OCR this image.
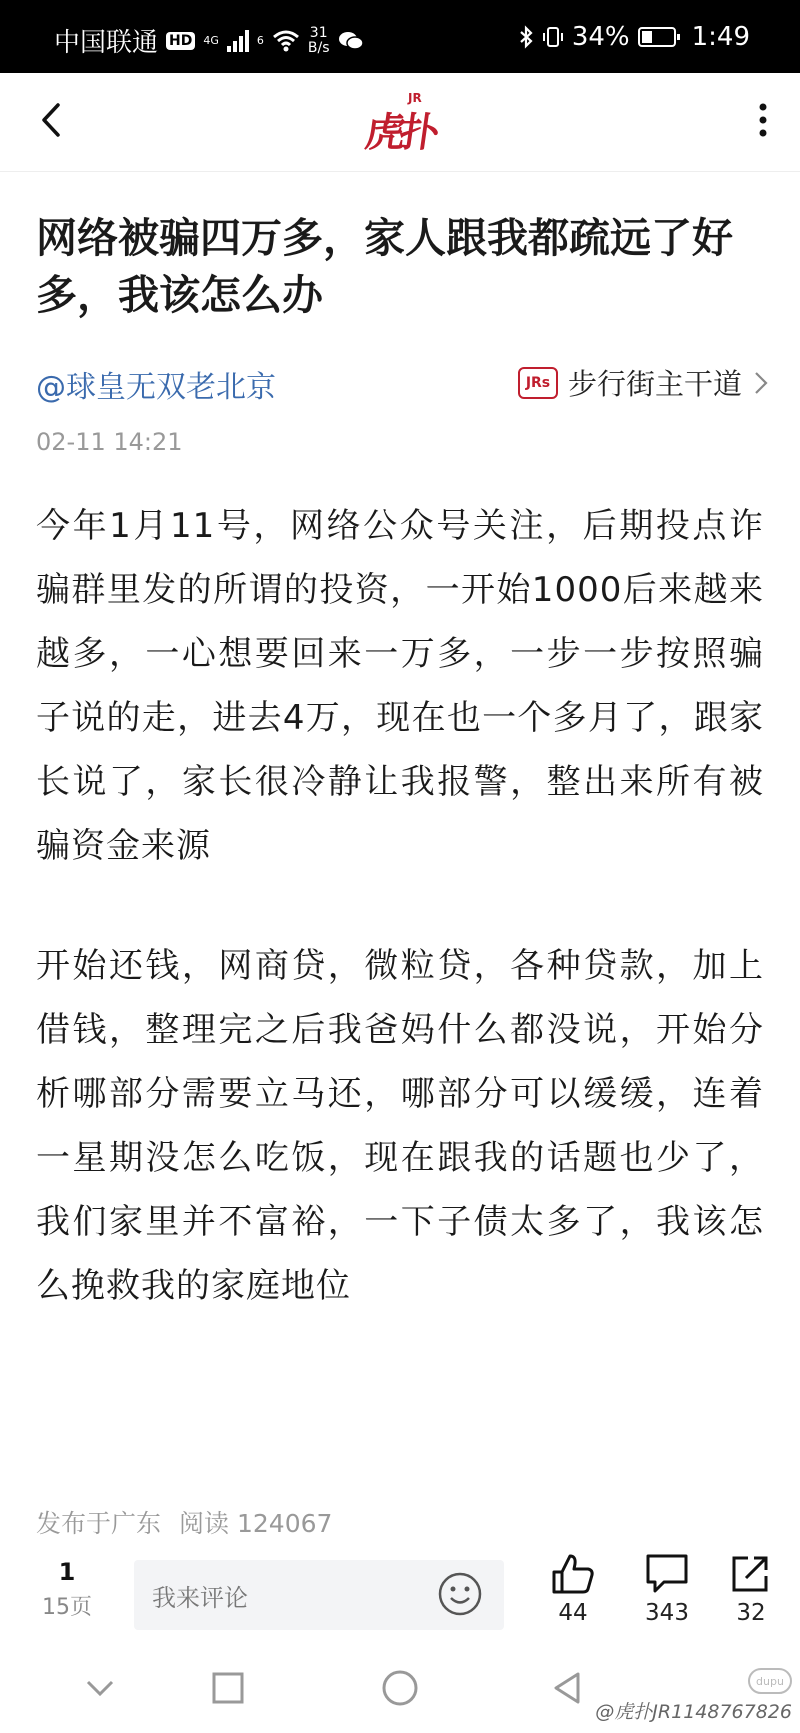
中国联通 HD 4G	6	31
B/s	34% 1:49
JR
虎扑
网络被骗四万多，家人跟我都疏远了好多，我该怎么办
@球皇无双老北京	JRs 步行街主干道
02-11 14:21

今年1月11号，网络公众号关注，后期投点诈骗群里发的所谓的投资，一开始1000后来越来越多，一心想要回来一万多，一步一步按照骗子说的走，进去4万，现在也一个多月了，跟家长说了，家长很冷静让我报警，整出来所有被骗资金来源

开始还钱，网商贷，微粒贷，各种贷款，加上借钱，整理完之后我爸妈什么都没说，开始分析哪部分需要立马还，哪部分可以缓缓，连着一星期没怎么吃饭，现在跟我的话题也少了，我们家里并不富裕，一下子债太多了，我该怎么挽救我的家庭地位

发布于广东 阅读 124067
1
15页	我来评论
44	343	32
dupu
@虎扑JR1148767826
